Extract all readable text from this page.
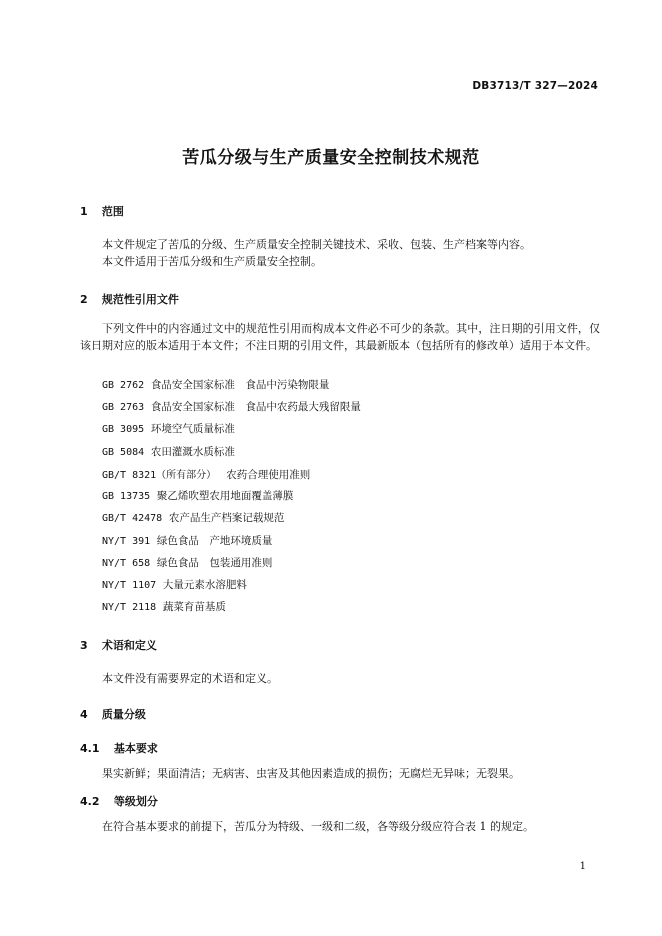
DB3713/T 327—2024
苦瓜分级与生产质量安全控制技术规范
1 范围
本文件规定了苦瓜的分级、生产质量安全控制关键技术、采收、包装、生产档案等内容。
本文件适用于苦瓜分级和生产质量安全控制。
2 规范性引用文件
下列文件中的内容通过文中的规范性引用而构成本文件必不可少的条款。其中，注日期的引用文件，仅该日期对应的版本适用于本文件；不注日期的引用文件，其最新版本（包括所有的修改单）适用于本文件。
GB 2762 食品安全国家标准　食品中污染物限量
GB 2763 食品安全国家标准　食品中农药最大残留限量
GB 3095 环境空气质量标准
GB 5084 农田灌溉水质标准
GB/T 8321（所有部分） 农药合理使用准则
GB 13735 聚乙烯吹塑农用地面覆盖薄膜
GB/T 42478 农产品生产档案记载规范
NY/T 391 绿色食品　产地环境质量
NY/T 658 绿色食品　包装通用准则
NY/T 1107 大量元素水溶肥料
NY/T 2118 蔬菜育苗基质
3 术语和定义
本文件没有需要界定的术语和定义。
4 质量分级
4.1 基本要求
果实新鲜；果面清洁；无病害、虫害及其他因素造成的损伤；无腐烂无异味；无裂果。
4.2 等级划分
在符合基本要求的前提下，苦瓜分为特级、一级和二级，各等级分级应符合表 1 的规定。
1
